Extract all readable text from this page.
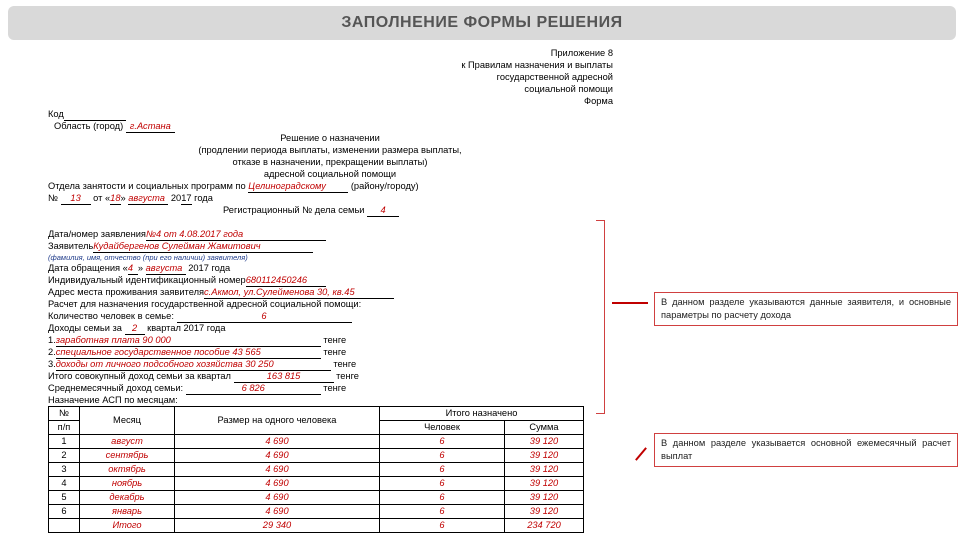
ЗАПОЛНЕНИЕ ФОРМЫ РЕШЕНИЯ
Приложение 8
к Правилам назначения и выплаты
государственной адресной
социальной помощи
Форма
Код
Область (город) г.Астана
Решение о назначении
(продлении периода выплаты, изменении размера выплаты,
отказе в назначении, прекращении выплаты)
адресной социальной помощи
Отдела занятости и социальных программ по Целиноградскому	(району/городу)
№ 13 от «18» августа 2017 года
Регистрационный № дела семьи 4
Дата/номер заявления№4 от 4.08.2017 года
ЗаявительКудайбергенов Сулейман Жамитович
(фамилия, имя, отчество (при его наличии) заявителя)
Дата обращения «4 » августа 2017 года
Индивидуальный идентификационный номер680112450246
Адрес места проживания заявителяс.Акмол, ул.Сулейменова 30, кв.45
Расчет для назначения государственной адресной социальной помощи:
Количество человек в семье:	6
Доходы семьи за 2 квартал 2017 года
1.заработная плата 90 000	тенге
2.специальное государственное пособие 43 565	тенге
3.доходы от личного подсобного хозяйства 30 250	тенге
Итого совокупный доход семьи за квартал	163 815	тенге
Среднемесячный доход семьи:	6 826	тенге
Назначение АСП по месяцам:
№	Месяц	Размер на одного человека	Итого назначено	
п/п			Человек	Сумма
1	август	4 690	6	39 120
2	сентябрь	4 690	6	39 120
3	октябрь	4 690	6	39 120
4	ноябрь	4 690	6	39 120
5	декабрь	4 690	6	39 120
6	январь	4 690	6	39 120
	Итого	29 340	6	234 720
В данном разделе указываются данные заявителя, и основные параметры по расчету дохода
В данном разделе указывается основной ежемесячный расчет выплат
